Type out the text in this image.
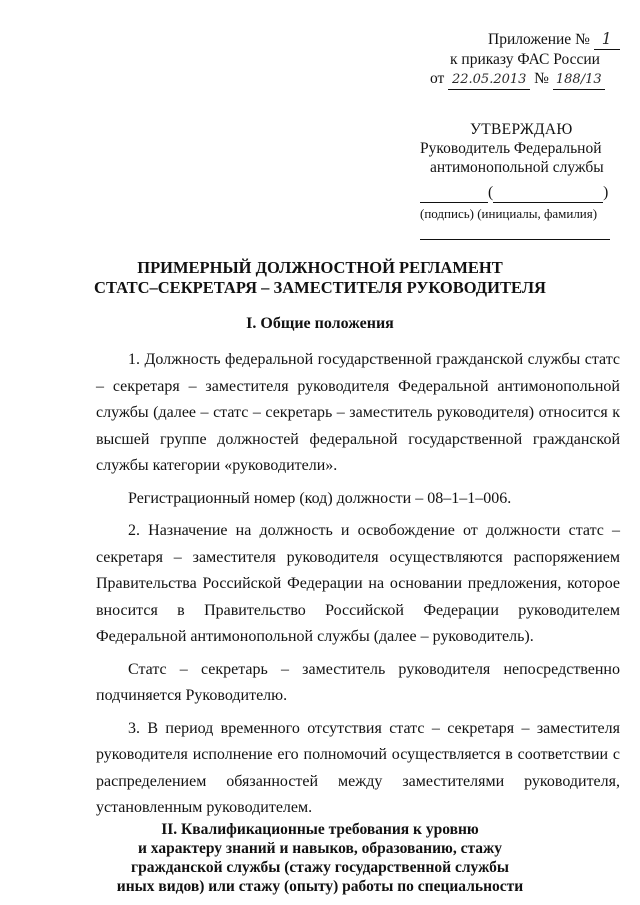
Приложение № 1
к приказу ФАС России
от 22.05.2013 № 188/13
УТВЕРЖДАЮ
Руководитель Федеральной
антимонопольной службы
(	)
(подпись) (инициалы, фамилия)
ПРИМЕРНЫЙ ДОЛЖНОСТНОЙ РЕГЛАМЕНТ
СТАТС–СЕКРЕТАРЯ – ЗАМЕСТИТЕЛЯ РУКОВОДИТЕЛЯ
I. Общие положения

1. Должность федеральной государственной гражданской службы статс – секретаря – заместителя руководителя Федеральной антимонопольной службы (далее – статс – секретарь – заместитель руководителя) относится к высшей группе должностей федеральной государственной гражданской службы категории «руководители».

Регистрационный номер (код) должности – 08–1–1–006.

2. Назначение на должность и освобождение от должности статс – секретаря – заместителя руководителя осуществляются распоряжением Правительства Российской Федерации на основании предложения, которое вносится в Правительство Российской Федерации руководителем Федеральной антимонопольной службы (далее – руководитель).

Статс – секретарь – заместитель руководителя непосредственно подчиняется Руководителю.

3. В период временного отсутствия статс – секретаря – заместителя руководителя исполнение его полномочий осуществляется в соответствии с распределением обязанностей между заместителями руководителя, установленным руководителем.

II. Квалификационные требования к уровню
и характеру знаний и навыков, образованию, стажу
гражданской службы (стажу государственной службы
иных видов) или стажу (опыту) работы по специальности
